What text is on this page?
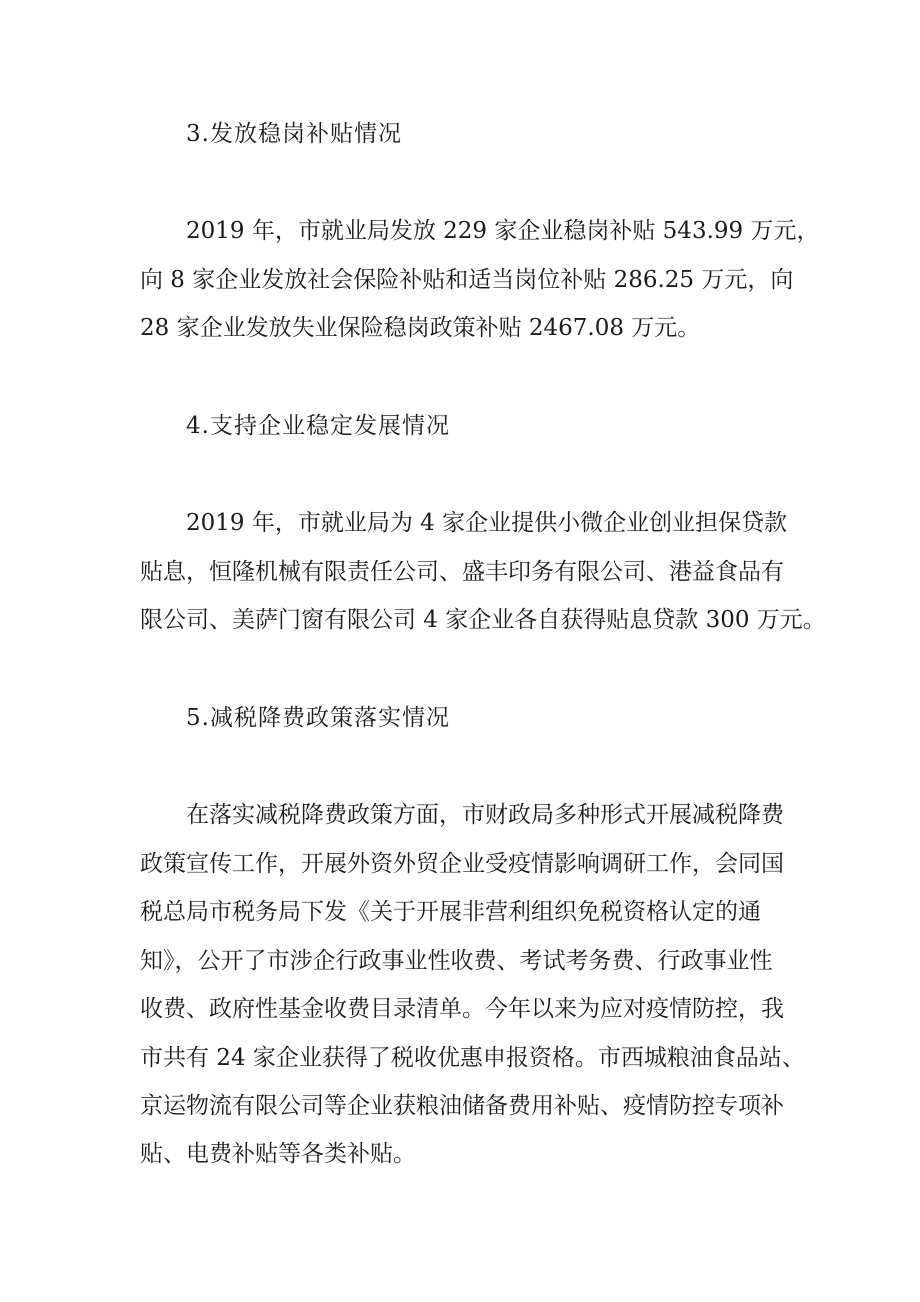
3.发放稳岗补贴情况

2019 年，市就业局发放 229 家企业稳岗补贴 543.99 万元，

向 8 家企业发放社会保险补贴和适当岗位补贴 286.25 万元，向

28 家企业发放失业保险稳岗政策补贴 2467.08 万元。

4.支持企业稳定发展情况

2019 年，市就业局为 4 家企业提供小微企业创业担保贷款

贴息，恒隆机械有限责任公司、盛丰印务有限公司、港益食品有

限公司、美萨门窗有限公司 4 家企业各自获得贴息贷款 300 万元。

5.减税降费政策落实情况

在落实减税降费政策方面，市财政局多种形式开展减税降费

政策宣传工作，开展外资外贸企业受疫情影响调研工作，会同国

税总局市税务局下发《关于开展非营利组织免税资格认定的通

知》，公开了市涉企行政事业性收费、考试考务费、行政事业性

收费、政府性基金收费目录清单。今年以来为应对疫情防控，我

市共有 24 家企业获得了税收优惠申报资格。市西城粮油食品站、

京运物流有限公司等企业获粮油储备费用补贴、疫情防控专项补

贴、电费补贴等各类补贴。
